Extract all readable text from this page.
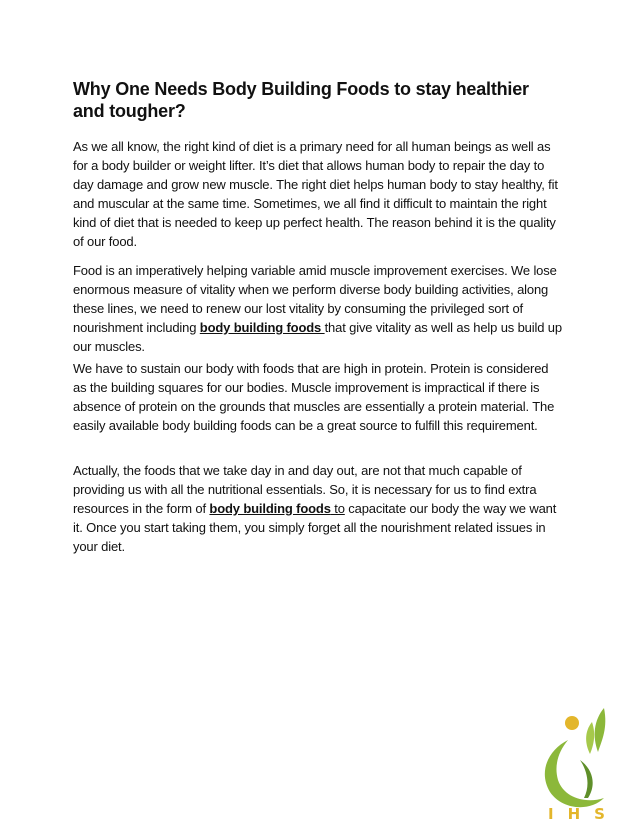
Why One Needs Body Building Foods to stay healthier and tougher?

As we all know, the right kind of diet is a primary need for all human beings as well as for a body builder or weight lifter. It’s diet that allows human body to repair the day to day damage and grow new muscle. The right diet helps human body to stay healthy, fit and muscular at the same time. Sometimes, we all find it difficult to maintain the right kind of diet that is needed to keep up perfect health. The reason behind it is the quality of our food.

Food is an imperatively helping variable amid muscle improvement exercises. We lose enormous measure of vitality when we perform diverse body building activities, along these lines, we need to renew our lost vitality by consuming the privileged sort of nourishment including body building foods that give vitality as well as help us build up our muscles.

We have to sustain our body with foods that are high in protein. Protein is considered as the building squares for our bodies. Muscle improvement is impractical if there is absence of protein on the grounds that muscles are essentially a protein material. The easily available body building foods can be a great source to fulfill this requirement.

Actually, the foods that we take day in and day out, are not that much capable of providing us with all the nutritional essentials. So, it is necessary for us to find extra resources in the form of body building foods to capacitate our body the way we want it. Once you start taking them, you simply forget all the nourishment related issues in your diet.

IHS
